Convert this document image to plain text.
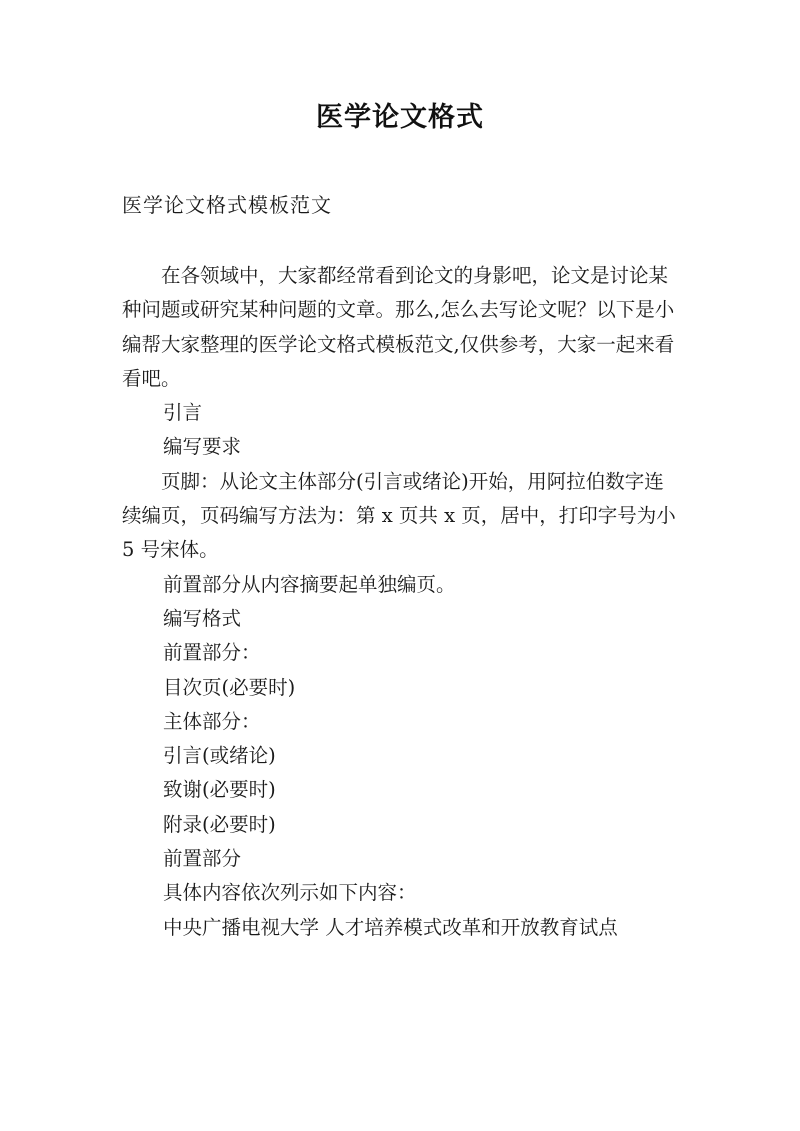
医学论文格式
医学论文格式模板范文

在各领域中，大家都经常看到论文的身影吧，论文是讨论某种问题或研究某种问题的文章。那么,怎么去写论文呢？以下是小编帮大家整理的医学论文格式模板范文,仅供参考，大家一起来看看吧。

引言

编写要求

页脚：从论文主体部分(引言或绪论)开始，用阿拉伯数字连续编页，页码编写方法为：第 x 页共 x 页，居中，打印字号为小 5 号宋体。

前置部分从内容摘要起单独编页。

编写格式

前置部分：

目次页(必要时)

主体部分：

引言(或绪论)

致谢(必要时)

附录(必要时)

前置部分

具体内容依次列示如下内容：

中央广播电视大学 人才培养模式改革和开放教育试点
